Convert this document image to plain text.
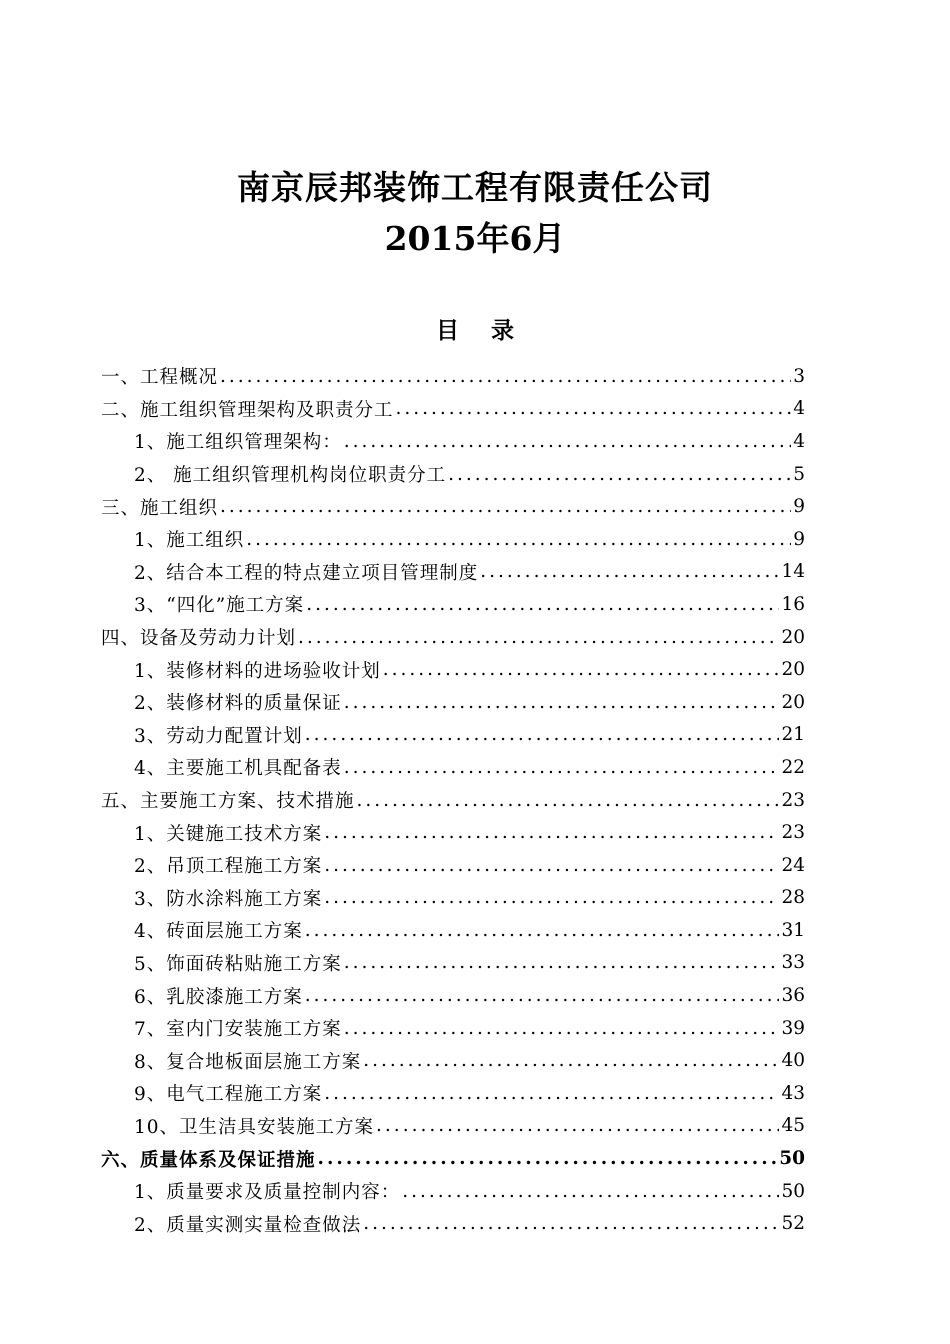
南京辰邦装饰工程有限责任公司
2015年6月
目 录
一、工程概况 .....	3
二、施工组织管理架构及职责分工 .....	4
1、施工组织管理架构： .....	4
2、 施工组织管理机构岗位职责分工 .....	5
三、施工组织 .....	9
1、施工组织 .....	9
2、结合本工程的特点建立项目管理制度 .....	14
3、“四化”施工方案 .....	16
四、设备及劳动力计划 .....	20
1、装修材料的进场验收计划 .....	20
2、装修材料的质量保证 .....	20
3、劳动力配置计划 .....	21
4、主要施工机具配备表 .....	22
五、主要施工方案、技术措施 .....	23
1、关键施工技术方案 .....	23
2、吊顶工程施工方案 .....	24
3、防水涂料施工方案 .....	28
4、砖面层施工方案 .....	31
5、饰面砖粘贴施工方案 .....	33
6、乳胶漆施工方案 .....	36
7、室内门安装施工方案 .....	39
8、复合地板面层施工方案 .....	40
9、电气工程施工方案 .....	43
10、卫生洁具安装施工方案 .....	45
六、质量体系及保证措施 .....	50
1、质量要求及质量控制内容： .....	50
2、质量实测实量检查做法 .....	52
